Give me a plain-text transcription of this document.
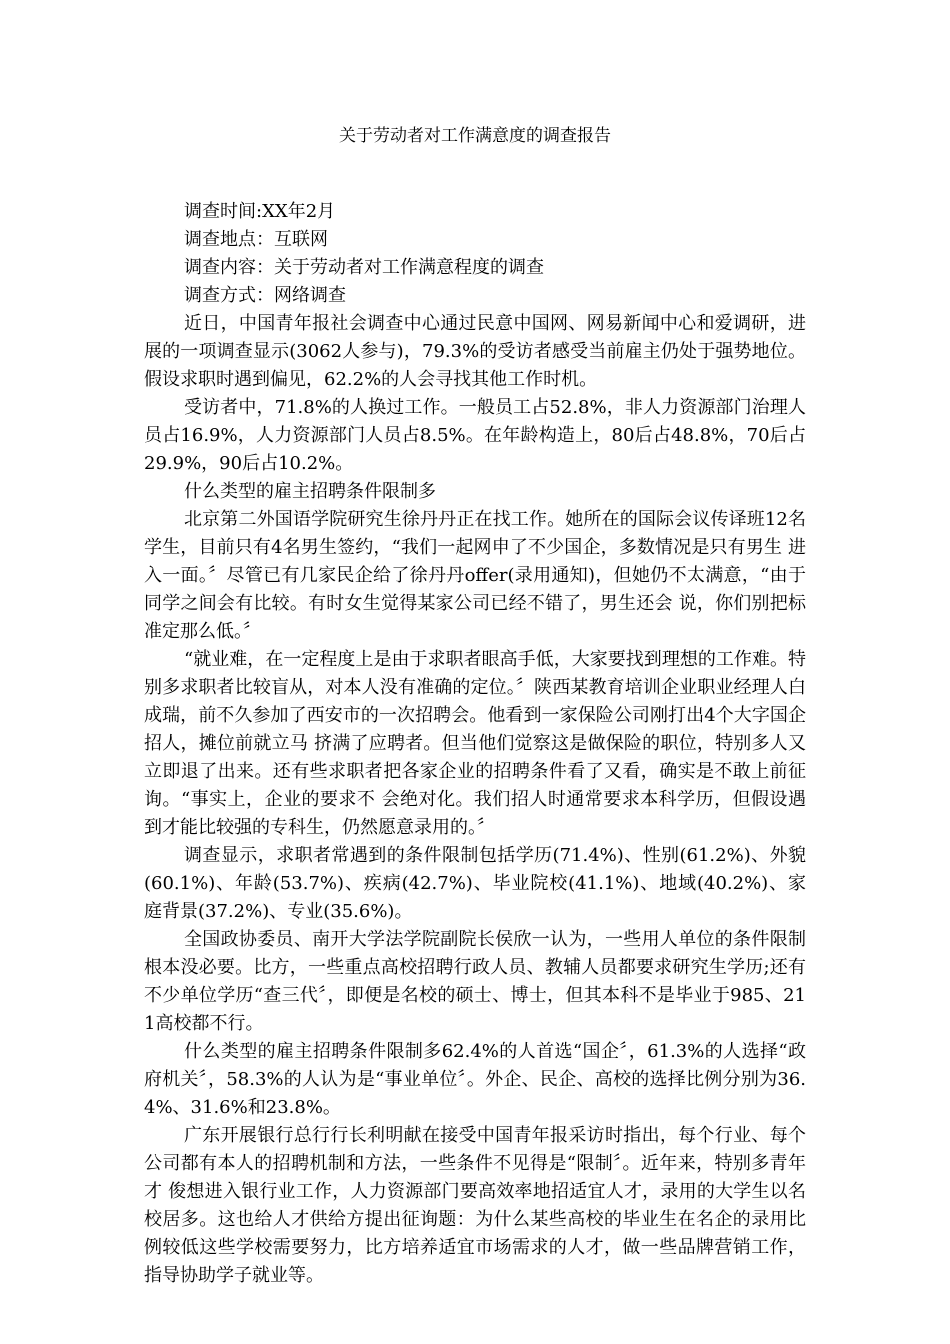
关于劳动者对工作满意度的调查报告

调查时间:XX年2月

调查地点：互联网

调查内容：关于劳动者对工作满意程度的调查

调查方式：网络调查

近日，中国青年报社会调查中心通过民意中国网、网易新闻中心和爱调研，进展的一项调查显示(3062人参与)，79.3%的受访者感受当前雇主仍处于强势地位。假设求职时遇到偏见，62.2%的人会寻找其他工作时机。

受访者中，71.8%的人换过工作。一般员工占52.8%，非人力资源部门治理人员占16.9%，人力资源部门人员占8.5%。在年龄构造上，80后占48.8%，70后占29.9%，90后占10.2%。

什么类型的雇主招聘条件限制多

北京第二外国语学院研究生徐丹丹正在找工作。她所在的国际会议传译班12名学生，目前只有4名男生签约，“我们一起网申了不少国企，多数情况是只有男生 进入一面。〞尽管已有几家民企给了徐丹丹offer(录用通知)，但她仍不太满意，“由于同学之间会有比较。有时女生觉得某家公司已经不错了，男生还会 说，你们别把标准定那么低。〞

“就业难，在一定程度上是由于求职者眼高手低，大家要找到理想的工作难。特别多求职者比较盲从，对本人没有准确的定位。〞陕西某教育培训企业职业经理人白成瑞，前不久参加了西安市的一次招聘会。他看到一家保险公司刚打出4个大字国企招人，摊位前就立马 挤满了应聘者。但当他们觉察这是做保险的职位，特别多人又立即退了出来。还有些求职者把各家企业的招聘条件看了又看，确实是不敢上前征询。“事实上，企业的要求不 会绝对化。我们招人时通常要求本科学历，但假设遇到才能比较强的专科生，仍然愿意录用的。〞

调查显示，求职者常遇到的条件限制包括学历(71.4%)、性别(61.2%)、外貌(60.1%)、年龄(53.7%)、疾病(42.7%)、毕业院校(41.1%)、地域(40.2%)、家庭背景(37.2%)、专业(35.6%)。

全国政协委员、南开大学法学院副院长侯欣一认为，一些用人单位的条件限制根本没必要。比方，一些重点高校招聘行政人员、教辅人员都要求研究生学历;还有不少单位学历“查三代〞，即便是名校的硕士、博士，但其本科不是毕业于985、211高校都不行。

什么类型的雇主招聘条件限制多62.4%的人首选“国企〞，61.3%的人选择“政府机关〞，58.3%的人认为是“事业单位〞。外企、民企、高校的选择比例分别为36.4%、31.6%和23.8%。

广东开展银行总行行长利明献在接受中国青年报采访时指出，每个行业、每个公司都有本人的招聘机制和方法，一些条件不见得是“限制〞。近年来，特别多青年才 俊想进入银行业工作，人力资源部门要高效率地招适宜人才，录用的大学生以名校居多。这也给人才供给方提出征询题：为什么某些高校的毕业生在名企的录用比例较低这些学校需要努力，比方培养适宜市场需求的人才，做一些品牌营销工作，指导协助学子就业等。
